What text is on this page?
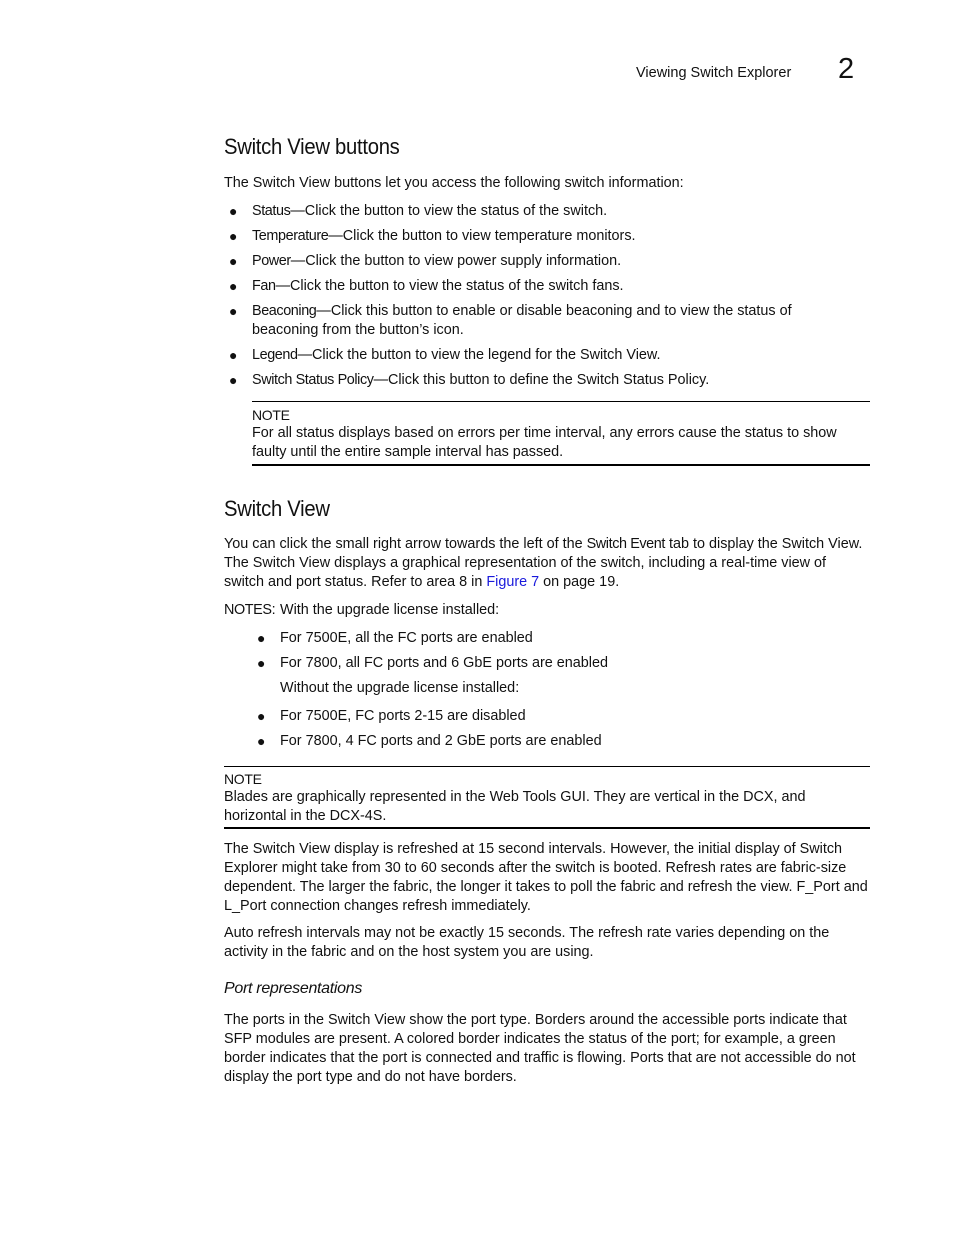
Viewing Switch Explorer 2
Switch View buttons

The Switch View buttons let you access the following switch information:

● Status—Click the button to view the status of the switch.
● Temperature—Click the button to view temperature monitors.
● Power—Click the button to view power supply information.
● Fan—Click the button to view the status of the switch fans.
● Beaconing—Click this button to enable or disable beaconing and to view the status of beaconing from the button’s icon.
● Legend—Click the button to view the legend for the Switch View.
● Switch Status Policy—Click this button to define the Switch Status Policy.
NOTE
For all status displays based on errors per time interval, any errors cause the status to show faulty until the entire sample interval has passed.
Switch View

You can click the small right arrow towards the left of the Switch Event tab to display the Switch View. The Switch View displays a graphical representation of the switch, including a real-time view of switch and port status. Refer to area 8 in Figure 7 on page 19.

NOTES: With the upgrade license installed:
● For 7500E, all the FC ports are enabled
● For 7800, all FC ports and 6 GbE ports are enabled

Without the upgrade license installed:

● For 7500E, FC ports 2-15 are disabled
● For 7800, 4 FC ports and 2 GbE ports are enabled
NOTE
Blades are graphically represented in the Web Tools GUI. They are vertical in the DCX, and horizontal in the DCX-4S.

The Switch View display is refreshed at 15 second intervals. However, the initial display of Switch Explorer might take from 30 to 60 seconds after the switch is booted. Refresh rates are fabric-size dependent. The larger the fabric, the longer it takes to poll the fabric and refresh the view. F_Port and L_Port connection changes refresh immediately.

Auto refresh intervals may not be exactly 15 seconds. The refresh rate varies depending on the activity in the fabric and on the host system you are using.

Port representations

The ports in the Switch View show the port type. Borders around the accessible ports indicate that SFP modules are present. A colored border indicates the status of the port; for example, a green border indicates that the port is connected and traffic is flowing. Ports that are not accessible do not display the port type and do not have borders.
